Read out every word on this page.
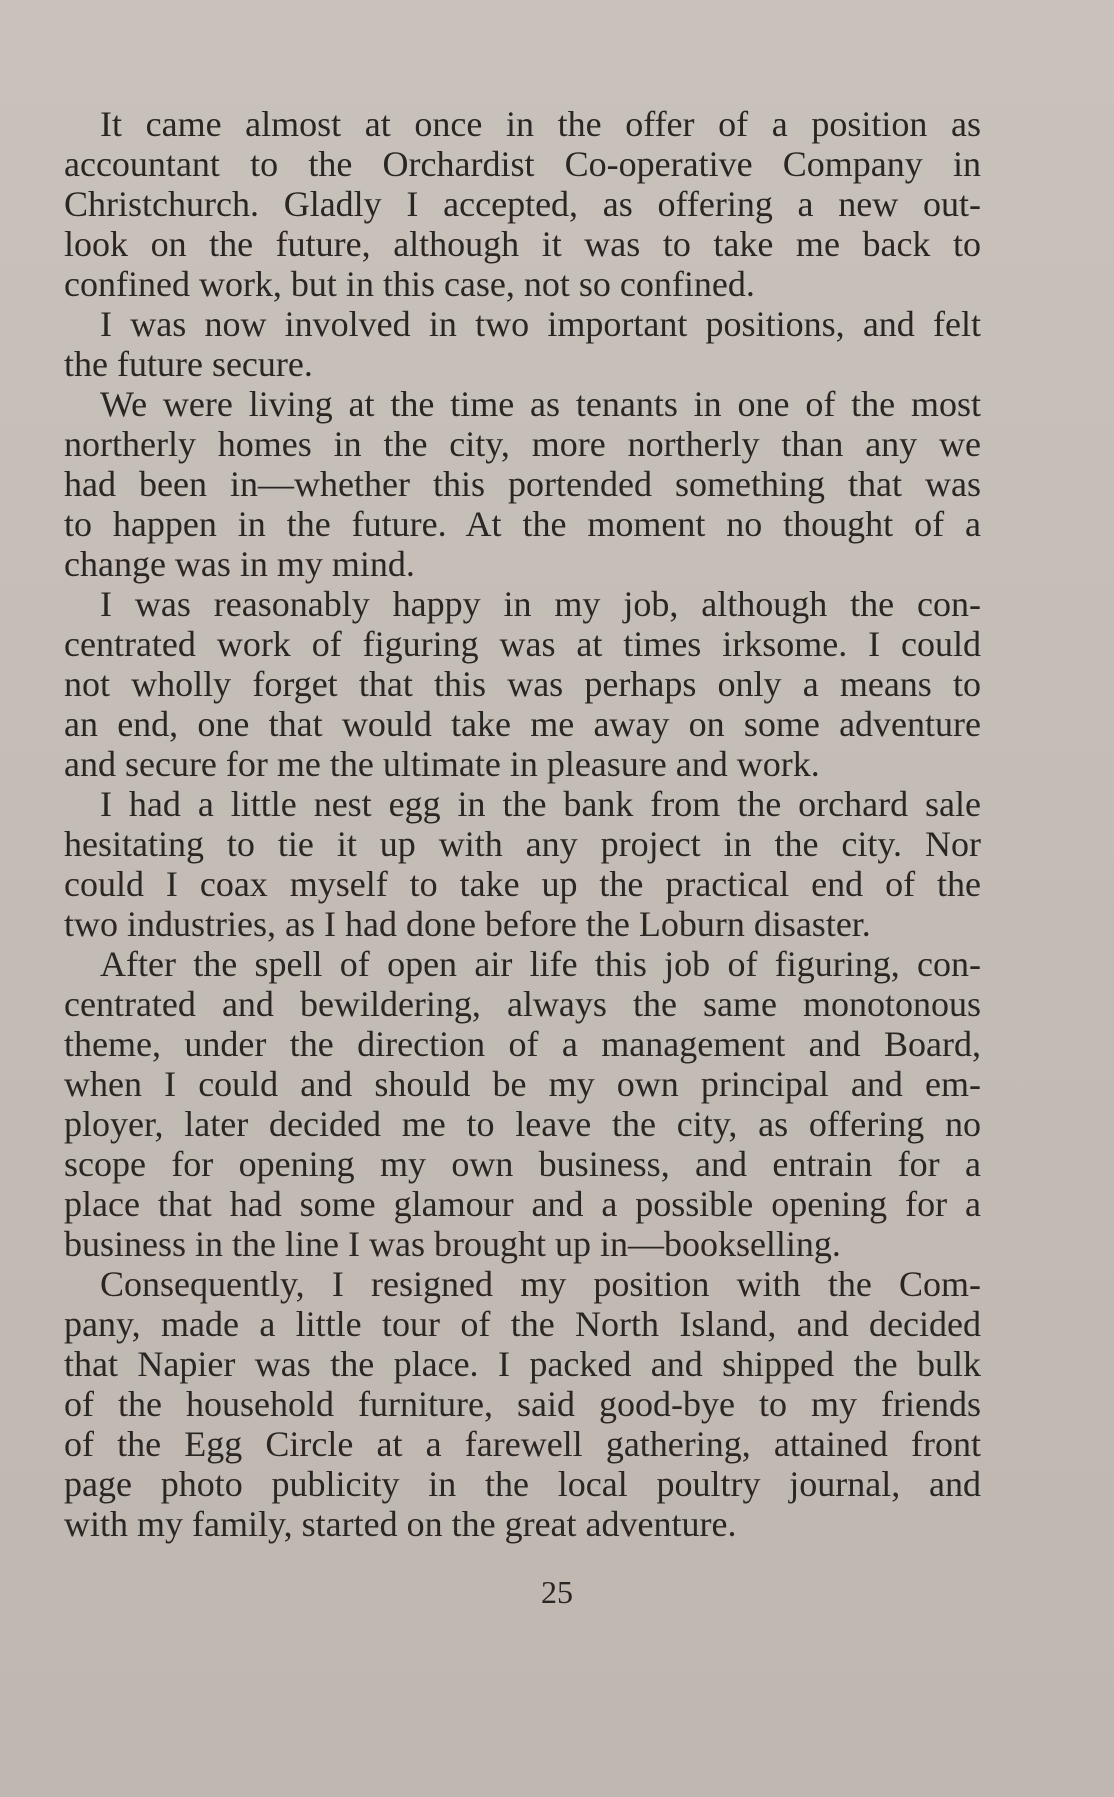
It came almost at once in the offer of a position as
accountant to the Orchardist Co-operative Company in
Christchurch. Gladly I accepted, as offering a new out-
look on the future, although it was to take me back to
confined work, but in this case, not so confined.
I was now involved in two important positions, and felt
the future secure.
We were living at the time as tenants in one of the most
northerly homes in the city, more northerly than any we
had been in—whether this portended something that was
to happen in the future. At the moment no thought of a
change was in my mind.
I was reasonably happy in my job, although the con-
centrated work of figuring was at times irksome. I could
not wholly forget that this was perhaps only a means to
an end, one that would take me away on some adventure
and secure for me the ultimate in pleasure and work.
I had a little nest egg in the bank from the orchard sale
hesitating to tie it up with any project in the city. Nor
could I coax myself to take up the practical end of the
two industries, as I had done before the Loburn disaster.
After the spell of open air life this job of figuring, con-
centrated and bewildering, always the same monotonous
theme, under the direction of a management and Board,
when I could and should be my own principal and em-
ployer, later decided me to leave the city, as offering no
scope for opening my own business, and entrain for a
place that had some glamour and a possible opening for a
business in the line I was brought up in—bookselling.
Consequently, I resigned my position with the Com-
pany, made a little tour of the North Island, and decided
that Napier was the place. I packed and shipped the bulk
of the household furniture, said good-bye to my friends
of the Egg Circle at a farewell gathering, attained front
page photo publicity in the local poultry journal, and
with my family, started on the great adventure.
25
